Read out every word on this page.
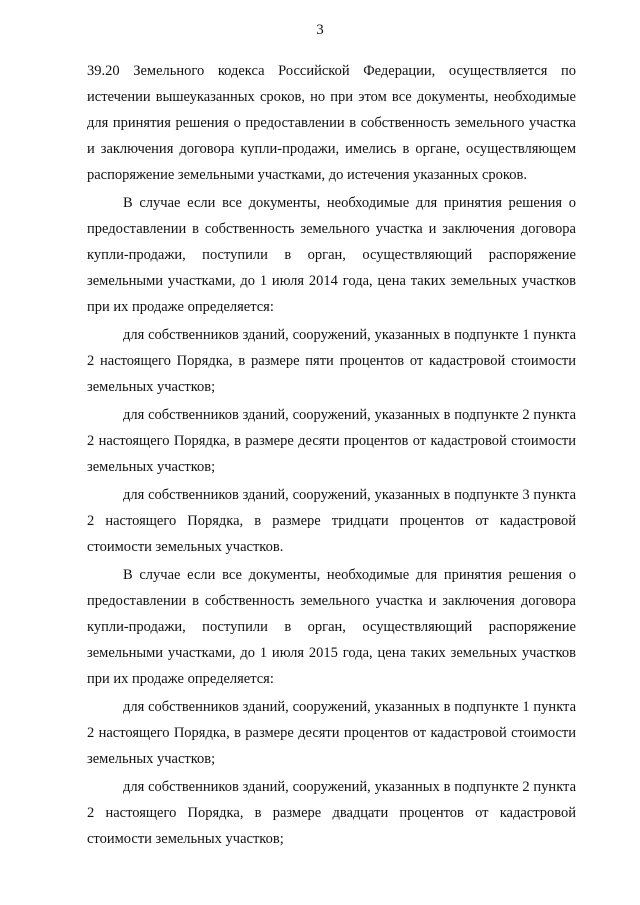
3

39.20 Земельного кодекса Российской Федерации, осуществляется по истечении вышеуказанных сроков, но при этом все документы, необходимые для принятия решения о предоставлении в собственность земельного участка и заключения договора купли-продажи, имелись в органе, осуществляющем распоряжение земельными участками, до истечения указанных сроков.

В случае если все документы, необходимые для принятия решения о предоставлении в собственность земельного участка и заключения договора купли-продажи, поступили в орган, осуществляющий распоряжение земельными участками, до 1 июля 2014 года, цена таких земельных участков при их продаже определяется:

для собственников зданий, сооружений, указанных в подпункте 1 пункта 2 настоящего Порядка, в размере пяти процентов от кадастровой стоимости земельных участков;

для собственников зданий, сооружений, указанных в подпункте 2 пункта 2 настоящего Порядка, в размере десяти процентов от кадастровой стоимости земельных участков;

для собственников зданий, сооружений, указанных в подпункте 3 пункта 2 настоящего Порядка, в размере тридцати процентов от кадастровой стоимости земельных участков.

В случае если все документы, необходимые для принятия решения о предоставлении в собственность земельного участка и заключения договора купли-продажи, поступили в орган, осуществляющий распоряжение земельными участками, до 1 июля 2015 года, цена таких земельных участков при их продаже определяется:

для собственников зданий, сооружений, указанных в подпункте 1 пункта 2 настоящего Порядка, в размере десяти процентов от кадастровой стоимости земельных участков;

для собственников зданий, сооружений, указанных в подпункте 2 пункта 2 настоящего Порядка, в размере двадцати процентов от кадастровой стоимости земельных участков;
